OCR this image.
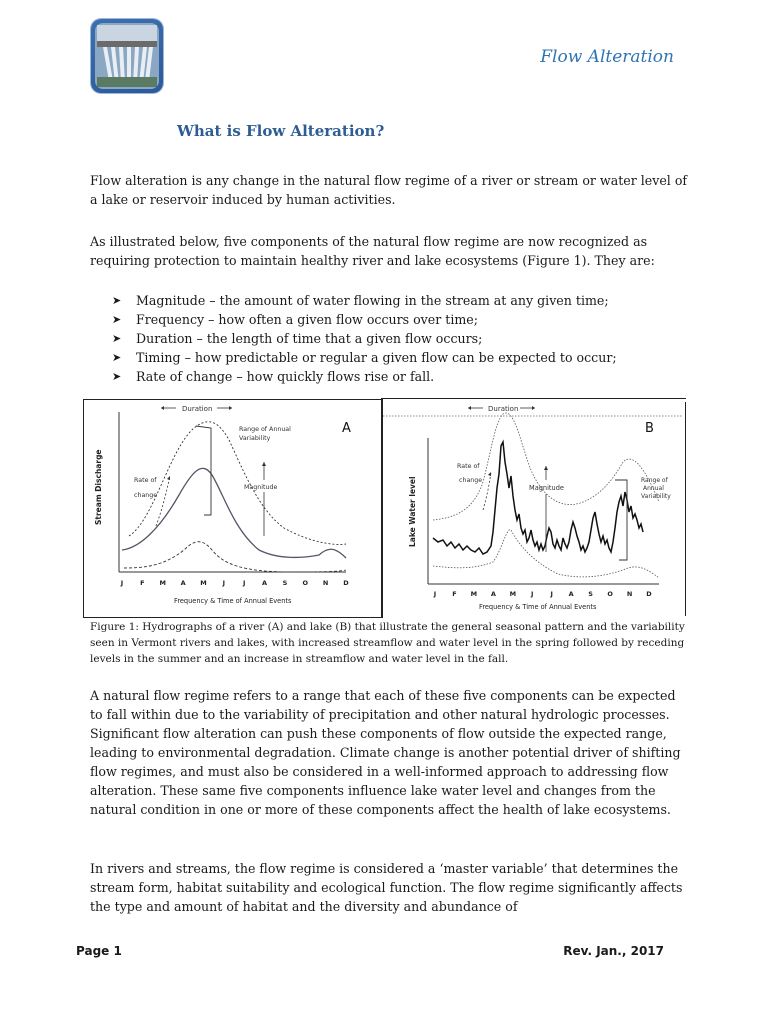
Flow Alteration
What is Flow Alteration?

Flow alteration is any change in the natural flow regime of a river or stream or water level of a lake or reservoir induced by human activities.

As illustrated below, five components of the natural flow regime are now recognized as requiring protection to maintain healthy river and lake ecosystems (Figure 1). They are:

➤ Magnitude – the amount of water flowing in the stream at any given time;
➤ Frequency – how often a given flow occurs over time;
➤ Duration – the length of time that a given flow occurs;
➤ Timing – how predictable or regular a given flow can be expected to occur;
➤ Rate of change – how quickly flows rise or fall.
Duration
Range of Annual
Variability
Magnitude
Rate of
change
A
Stream Discharge
J	F M A M J	J	A S O N D
Frequency & Time of Annual Events
Duration
Range of
Annual
Variability
Magnitude
Rate of
change
B
Lake Water level
J F M A M J	J A S O N D
Frequency & Time of Annual Events
Figure 1: Hydrographs of a river (A) and lake (B) that illustrate the general seasonal pattern and the variability seen in Vermont rivers and lakes, with increased streamflow and water level in the spring followed by receding levels in the summer and an increase in streamflow and water level in the fall.

A natural flow regime refers to a range that each of these five components can be expected to fall within due to the variability of precipitation and other natural hydrologic processes. Significant flow alteration can push these components of flow outside the expected range, leading to environmental degradation. Climate change is another potential driver of shifting flow regimes, and must also be considered in a well-informed approach to addressing flow alteration. These same five components influence lake water level and changes from the natural condition in one or more of these components affect the health of lake ecosystems.

In rivers and streams, the flow regime is considered a ‘master variable’ that determines the stream form, habitat suitability and ecological function. The flow regime significantly affects the type and amount of habitat and the diversity and abundance of

Page 1	Rev. Jan., 2017
